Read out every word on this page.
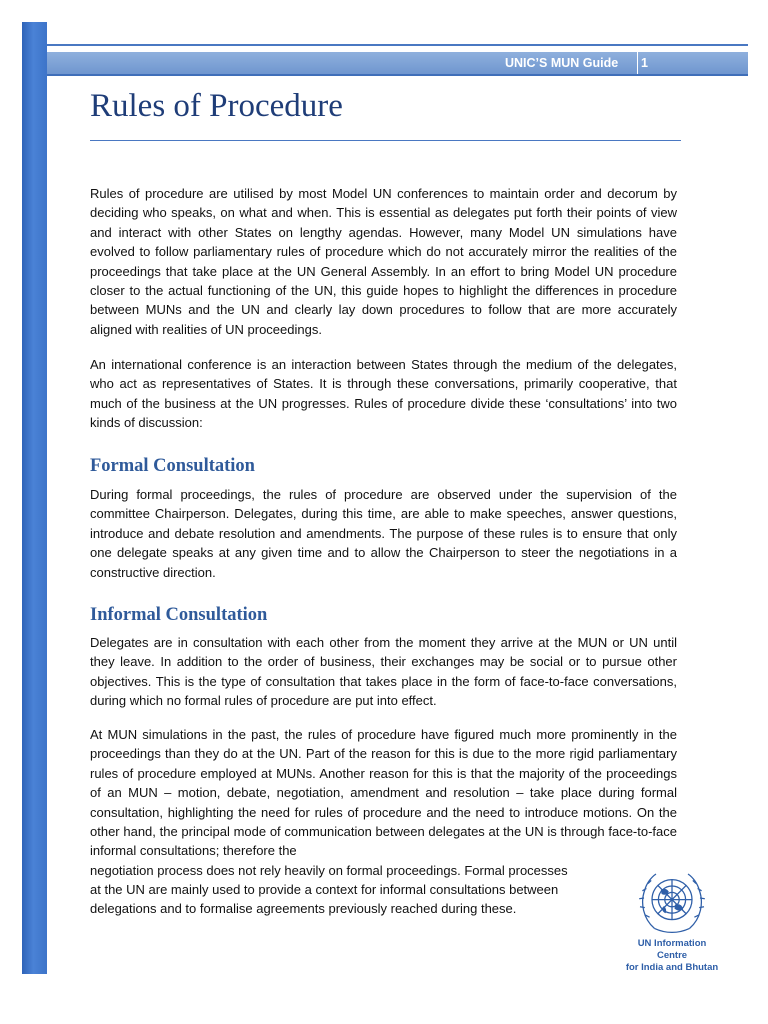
UNIC’S MUN Guide 1
Rules of Procedure

Rules of procedure are utilised by most Model UN conferences to maintain order and decorum by deciding who speaks, on what and when. This is essential as delegates put forth their points of view and interact with other States on lengthy agendas. However, many Model UN simulations have evolved to follow parliamentary rules of procedure which do not accurately mirror the realities of the proceedings that take place at the UN General Assembly. In an effort to bring Model UN procedure closer to the actual functioning of the UN, this guide hopes to highlight the differences in procedure between MUNs and the UN and clearly lay down procedures to follow that are more accurately aligned with realities of UN proceedings.

An international conference is an interaction between States through the medium of the delegates, who act as representatives of States. It is through these conversations, primarily cooperative, that much of the business at the UN progresses. Rules of procedure divide these ‘consultations’ into two kinds of discussion:

Formal Consultation

During formal proceedings, the rules of procedure are observed under the supervision of the committee Chairperson. Delegates, during this time, are able to make speeches, answer questions, introduce and debate resolution and amendments. The purpose of these rules is to ensure that only one delegate speaks at any given time and to allow the Chairperson to steer the negotiations in a constructive direction.

Informal Consultation

Delegates are in consultation with each other from the moment they arrive at the MUN or UN until they leave. In addition to the order of business, their exchanges may be social or to pursue other objectives. This is the type of consultation that takes place in the form of face-to-face conversations, during which no formal rules of procedure are put into effect.

At MUN simulations in the past, the rules of procedure have figured much more prominently in the proceedings than they do at the UN. Part of the reason for this is due to the more rigid parliamentary rules of procedure employed at MUNs. Another reason for this is that the majority of the proceedings of an MUN – motion, debate, negotiation, amendment and resolution – take place during formal consultation, highlighting the need for rules of procedure and the need to introduce motions. On the other hand, the principal mode of communication between delegates at the UN is through face-to-face informal consultations; therefore the

negotiation process does not rely heavily on formal proceedings. Formal processes

at the UN are mainly used to provide a context for informal consultations between

delegations and to formalise agreements previously reached during these.

UN Information Centre
for India and Bhutan
